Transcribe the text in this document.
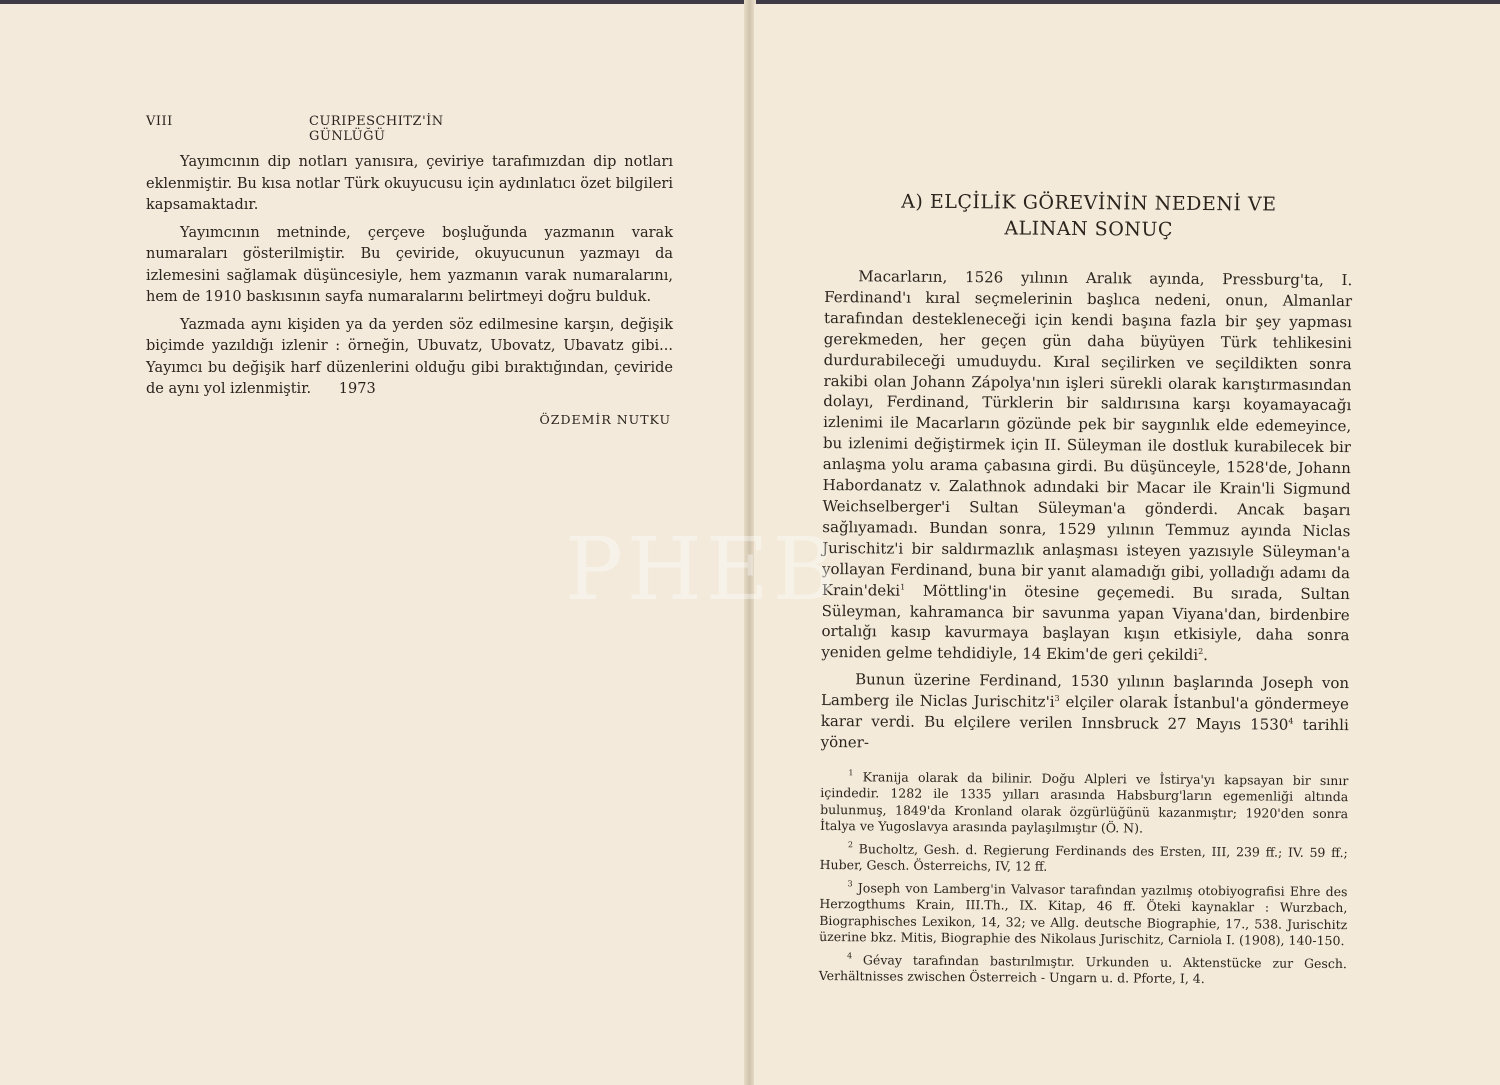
VIII	CURIPESCHITZ'İN GÜNLÜĞÜ

Yayımcının dip notları yanısıra, çeviriye tarafımızdan dip notları eklenmiştir. Bu kısa notlar Türk okuyucusu için aydınlatıcı özet bilgileri kapsamaktadır.

Yayımcının metninde, çerçeve boşluğunda yazmanın varak numaraları gösterilmiştir. Bu çeviride, okuyucunun yazmayı da izlemesini sağlamak düşüncesiyle, hem yazmanın varak numaralarını, hem de 1910 baskısının sayfa numaralarını belirtmeyi doğru bulduk.

Yazmada aynı kişiden ya da yerden söz edilmesine karşın, değişik biçimde yazıldığı izlenir : örneğin, Ubuvatz, Ubovatz, Ubavatz gibi... Yayımcı bu değişik harf düzenlerini olduğu gibi bıraktığından, çeviride de aynı yol izlenmiştir.      1973

ÖZDEMİR NUTKU
A) ELÇİLİK GÖREVİNİN NEDENİ VE
ALINAN SONUÇ

Macarların, 1526 yılının Aralık ayında, Pressburg'ta, I. Ferdinand'ı kıral seçmelerinin başlıca nedeni, onun, Almanlar tarafından destekleneceği için kendi başına fazla bir şey yapması gerekmeden, her geçen gün daha büyüyen Türk tehlikesini durdurabileceği umuduydu. Kıral seçilirken ve seçildikten sonra rakibi olan Johann Zápolya'nın işleri sürekli olarak karıştırmasından dolayı, Ferdinand, Türklerin bir saldırısına karşı koyamayacağı izlenimi ile Macarların gözünde pek bir saygınlık elde edemeyince, bu izlenimi değiştirmek için II. Süleyman ile dostluk kurabilecek bir anlaşma yolu arama çabasına girdi. Bu düşünceyle, 1528'de, Johann Habordanatz v. Zalathnok adındaki bir Macar ile Krain'li Sigmund Weichselberger'i Sultan Süleyman'a gönderdi. Ancak başarı sağlıyamadı. Bundan sonra, 1529 yılının Temmuz ayında Niclas Jurischitz'i bir saldırmazlık anlaşması isteyen yazısıyle Süleyman'a yollayan Ferdinand, buna bir yanıt alamadığı gibi, yolladığı adamı da Krain'deki$^1$ Möttling'in ötesine geçemedi. Bu sırada, Sultan Süleyman, kahramanca bir savunma yapan Viyana'dan, birdenbire ortalığı kasıp kavurmaya başlayan kışın etkisiyle, daha sonra yeniden gelme tehdidiyle, 14 Ekim'de geri çekildi$^2$.

Bunun üzerine Ferdinand, 1530 yılının başlarında Joseph von Lamberg ile Niclas $Jurischitz'i^3$ elçiler olarak İstanbul'a göndermeye karar verdi. Bu elçilere verilen Innsbruck 27 Mayıs 1530$^4$ tarihli yöner-

$^1$ Kranija olarak da bilinir. Doğu Alpleri ve İstirya'yı kapsayan bir sınır içindedir. 1282 ile 1335 yılları arasında Habsburg'ların egemenliği altında bulunmuş, 1849'da Kronland olarak özgürlüğünü kazanmıştır; 1920'den sonra İtalya ve Yugoslavya arasında paylaşılmıştır (Ö. N).

$^2$ Bucholtz, Gesh. d. Regierung Ferdinands des Ersten, III, 239 ff.; IV. 59 ff.; Huber, Gesch. Österreichs, IV, 12 ff.

$^3$ Joseph von Lamberg'in Valvasor tarafından yazılmış otobiyografisi Ehre des Herzogthums Krain, III.Th., IX. Kitap, 46 ff. Öteki kaynaklar : Wurzbach, Biographisches Lexikon, 14, 32; ve Allg. deutsche Biographie, 17., 538. Jurischitz üzerine bkz. Mitis, Biographie des Nikolaus Jurischitz, Carniola I. (1908), 140-150.

$^4$ Gévay tarafından bastırılmıştır. Urkunden u. Aktenstücke zur Gesch. Verhältnisses zwischen Österreich - Ungarn u. d. Pforte, I, 4.

PHEB
